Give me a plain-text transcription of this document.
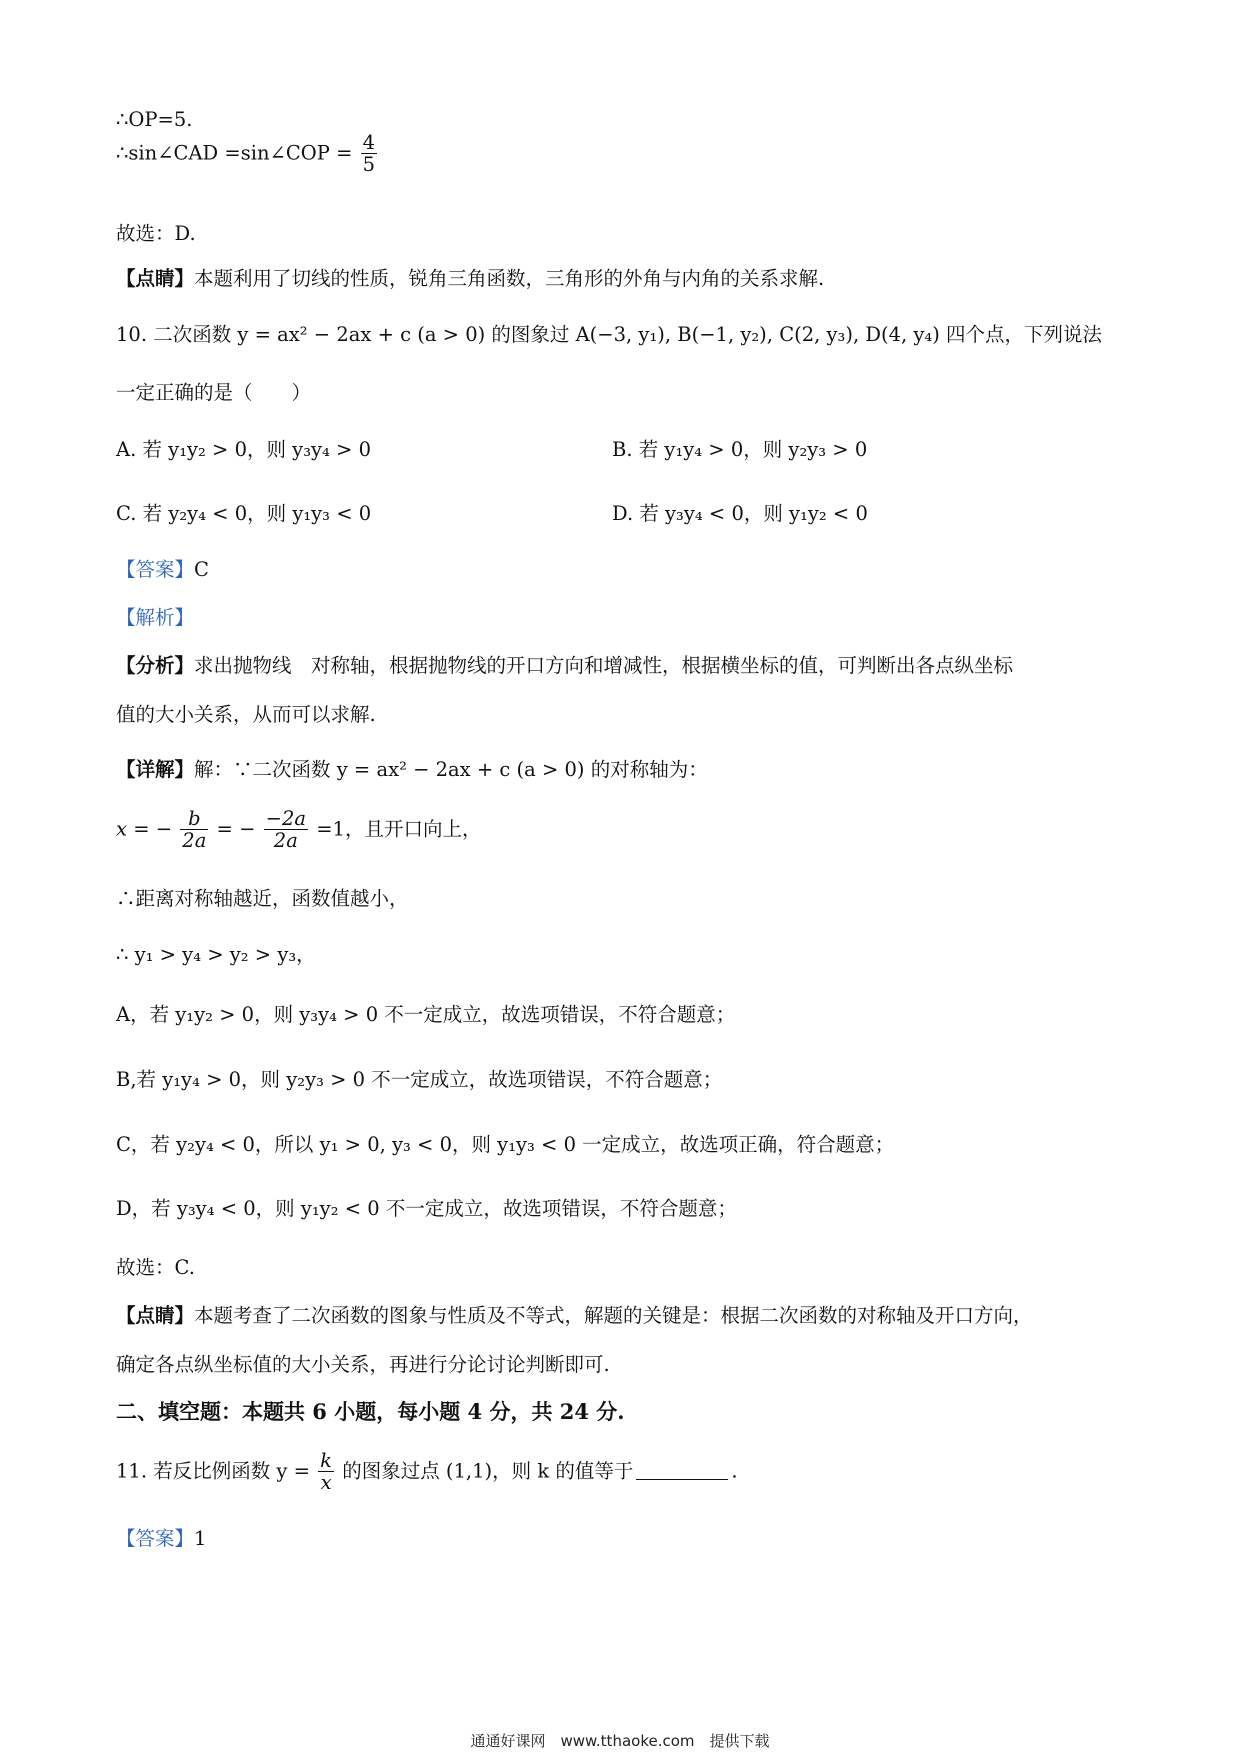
∴OP=5.
∴sin∠CAD =sin∠COP = $\frac{4}{5}$
故选：D.
【点睛】本题利用了切线的性质，锐角三角函数，三角形的外角与内角的关系求解.
10. 二次函数 y = ax² − 2ax + c (a > 0) 的图象过 A(−3, y₁), B(−1, y₂), C(2, y₃), D(4, y₄) 四个点，下列说法
一定正确的是（　　）
A. 若 y₁y₂ > 0，则 y₃y₄ > 0	B. 若 y₁y₄ > 0，则 y₂y₃ > 0
C. 若 y₂y₄ < 0，则 y₁y₃ < 0	D. 若 y₃y₄ < 0，则 y₁y₂ < 0
【答案】C
【解析】
【分析】求出抛物线　对称轴，根据抛物线的开口方向和增减性，根据横坐标的值，可判断出各点纵坐标
值的大小关系，从而可以求解.
【详解】解：∵二次函数 y = ax² − 2ax + c (a > 0) 的对称轴为：
x = − $\frac{b}{2a}$ = − $\frac{-2a}{2a} =1$，且开口向上，
∴距离对称轴越近，函数值越小，
∴ y₁ > y₄ > y₂ > y₃，
A，若 y₁y₂ > 0，则 y₃y₄ > 0 不一定成立，故选项错误，不符合题意；
B,若 y₁y₄ > 0，则 y₂y₃ > 0 不一定成立，故选项错误，不符合题意；
C，若 y₂y₄ < 0，所以 y₁ > 0, y₃ < 0，则 y₁y₃ < 0 一定成立，故选项正确，符合题意；
D，若 y₃y₄ < 0，则 y₁y₂ < 0 不一定成立，故选项错误，不符合题意；
故选：C.
【点睛】本题考查了二次函数的图象与性质及不等式，解题的关键是：根据二次函数的对称轴及开口方向，
确定各点纵坐标值的大小关系，再进行分论讨论判断即可.
二、填空题：本题共 6 小题，每小题 4 分，共 24 分.
11. 若反比例函数 $y = \frac{k}{x}$ 的图象过点 (1,1)，则 k 的值等于	.
【答案】1
通通好课网　www.tthaoke.com　提供下载
